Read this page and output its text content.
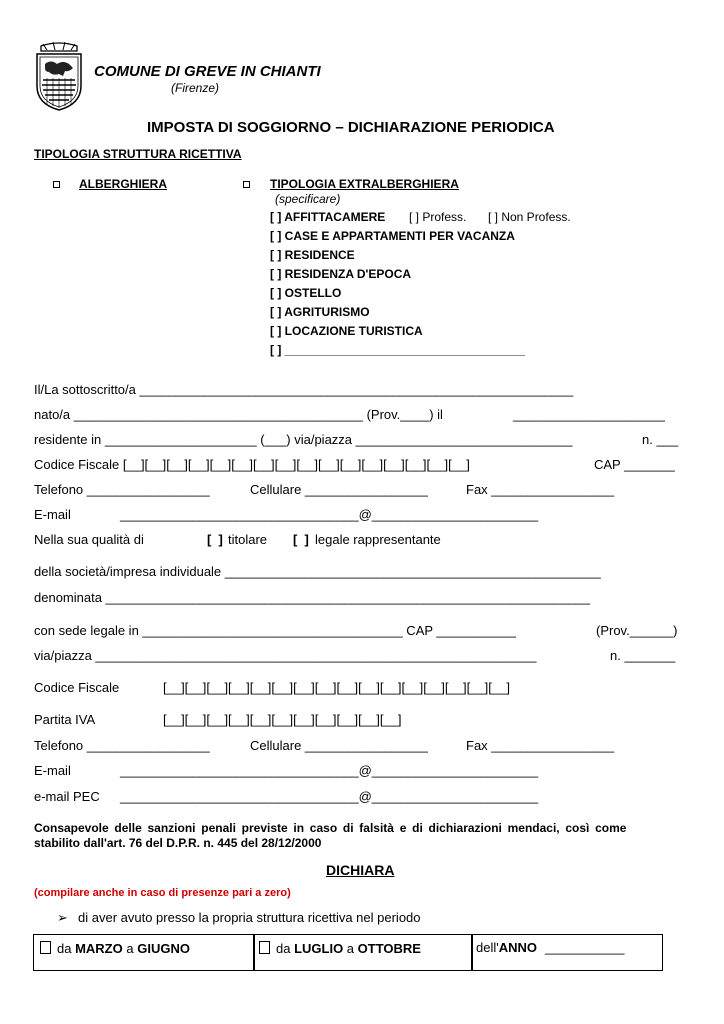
COMUNE DI GREVE IN CHIANTI
(Firenze)
IMPOSTA DI SOGGIORNO – DICHIARAZIONE PERIODICA
TIPOLOGIA STRUTTURA RICETTIVA
ALBERGHIERA	TIPOLOGIA EXTRALBERGHIERA
(specificare)
[ ] AFFITTACAMERE [ ] Profess. [ ] Non Profess.
[ ] CASE E APPARTAMENTI PER VACANZA
[ ] RESIDENCE
[ ] RESIDENZA D'EPOCA
[ ] OSTELLO
[ ] AGRITURISMO
[ ] LOCAZIONE TURISTICA
[ ] ____________________________________
Il/La sottoscritto/a ____________________________________________________________
nato/a ________________________________________ (Prov.____) il	_____________________
residente in _____________________ (___) via/piazza ______________________________	n. ___
Codice Fiscale [__][__][__][__][__][__][__][__][__][__][__][__][__][__][__][__]	CAP _______
Telefono _________________	Cellulare _________________	Fax _________________
E-mail	_________________________________@_______________________
Nella sua qualità di	[  ] titolare [  ] legale rappresentante
della società/impresa individuale ____________________________________________________
denominata ___________________________________________________________________
con sede legale in ____________________________________ CAP ___________	(Prov.______)
via/piazza _____________________________________________________________	n. _______
Codice Fiscale	[__][__][__][__][__][__][__][__][__][__][__][__][__][__][__][__]
Partita IVA	[__][__][__][__][__][__][__][__][__][__][__]
Telefono _________________	Cellulare _________________	Fax _________________
E-mail	_________________________________@_______________________
e-mail PEC _________________________________@_______________________
Consapevole delle sanzioni penali previste in caso di falsità e di dichiarazioni mendaci, così come
stabilito dall'art. 76 del D.P.R. n. 445 del 28/12/2000
DICHIARA
(compilare anche in caso di presenze pari a zero)
➢ di aver avuto presso la propria struttura ricettiva nel periodo
da MARZO a GIUGNO	da LUGLIO a OTTOBRE	dell'ANNO ___________
